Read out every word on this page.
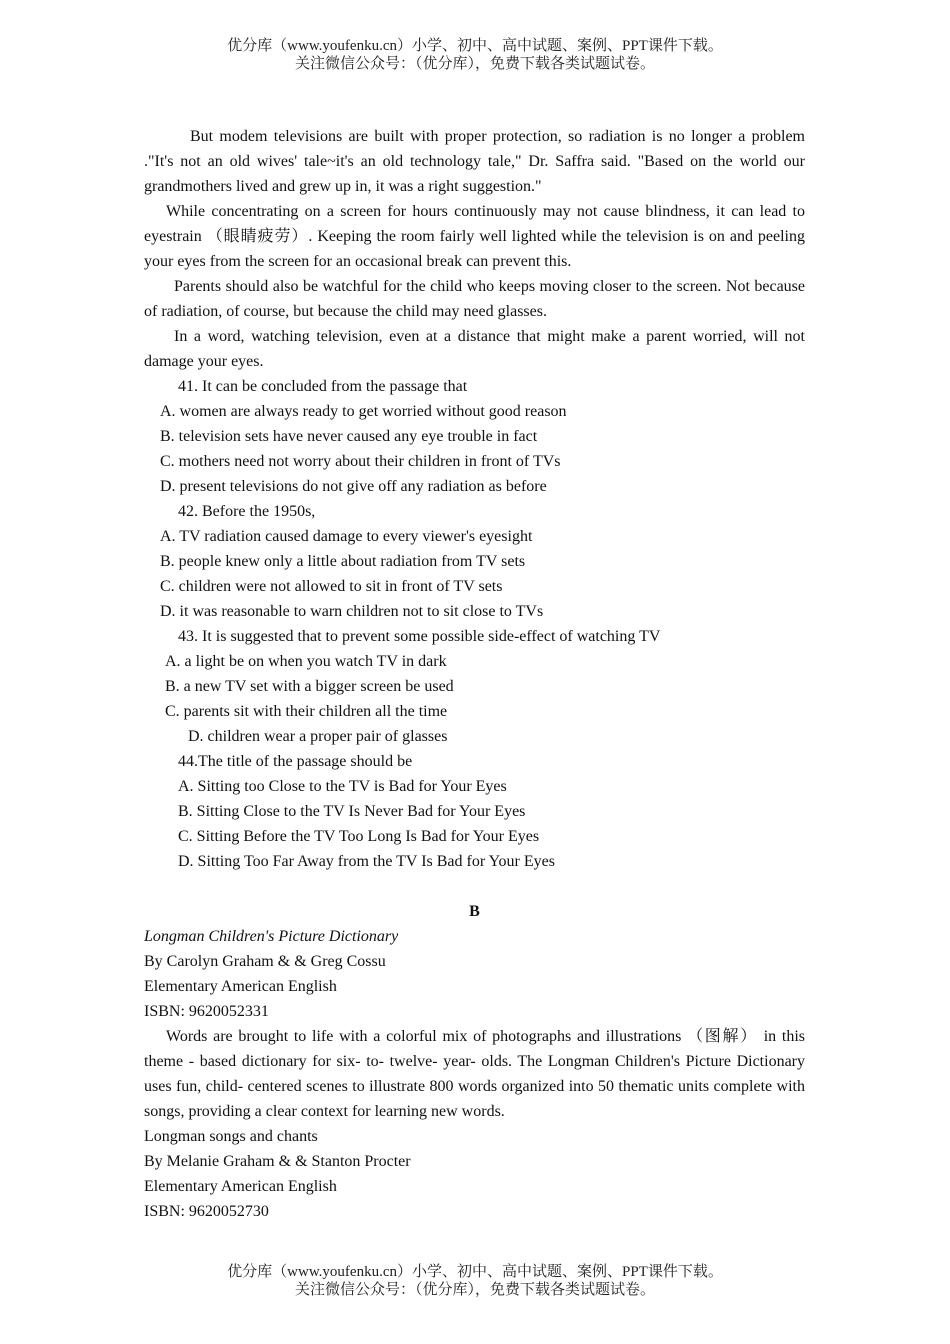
优分库（www.youfenku.cn）小学、初中、高中试题、案例、PPT课件下载。
关注微信公众号：（优分库），免费下载各类试题试卷。

But modem televisions are built with proper protection, so radiation is no longer a problem ."It's not an old wives' tale~it's an old technology tale," Dr. Saffra said. "Based on the world our grandmothers lived and grew up in, it was a right suggestion."

While concentrating on a screen for hours continuously may not cause blindness, it can lead to eyestrain （眼睛疲劳）. Keeping the room fairly well lighted while the television is on and peeling your eyes from the screen for an occasional break can prevent this.

Parents should also be watchful for the child who keeps moving closer to the screen. Not because of radiation, of course, but because the child may need glasses.

In a word, watching television, even at a distance that might make a parent worried, will not damage your eyes.

41. It can be concluded from the passage that

A. women are always ready to get worried without good reason

B. television sets have never caused any eye trouble in fact

C. mothers need not worry about their children in front of TVs

D. present televisions do not give off any radiation as before

42. Before the 1950s,

A. TV radiation caused damage to every viewer's eyesight

B. people knew only a little about radiation from TV sets

C. children were not allowed to sit in front of TV sets

D. it was reasonable to warn children not to sit close to TVs

43. It is suggested that to prevent some possible side-effect of watching TV

A. a light be on when you watch TV in dark

B. a new TV set with a bigger screen be used

C. parents sit with their children all the time

D. children wear a proper pair of glasses

44.The title of the passage should be

A. Sitting too Close to the TV is Bad for Your Eyes

B. Sitting Close to the TV Is Never Bad for Your Eyes

C. Sitting Before the TV Too Long Is Bad for Your Eyes

D. Sitting Too Far Away from the TV Is Bad for Your Eyes

B

Longman Children's Picture Dictionary

By Carolyn Graham & & Greg Cossu

Elementary American English

ISBN: 9620052331

Words are brought to life with a colorful mix of photographs and illustrations （图解） in this theme - based dictionary for six- to- twelve- year- olds. The Longman Children's Picture Dictionary uses fun, child- centered scenes to illustrate 800 words organized into 50 thematic units complete with songs, providing a clear context for learning new words.

Longman songs and chants

By Melanie Graham & & Stanton Procter

Elementary American English

ISBN: 9620052730

优分库（www.youfenku.cn）小学、初中、高中试题、案例、PPT课件下载。
关注微信公众号：（优分库），免费下载各类试题试卷。
